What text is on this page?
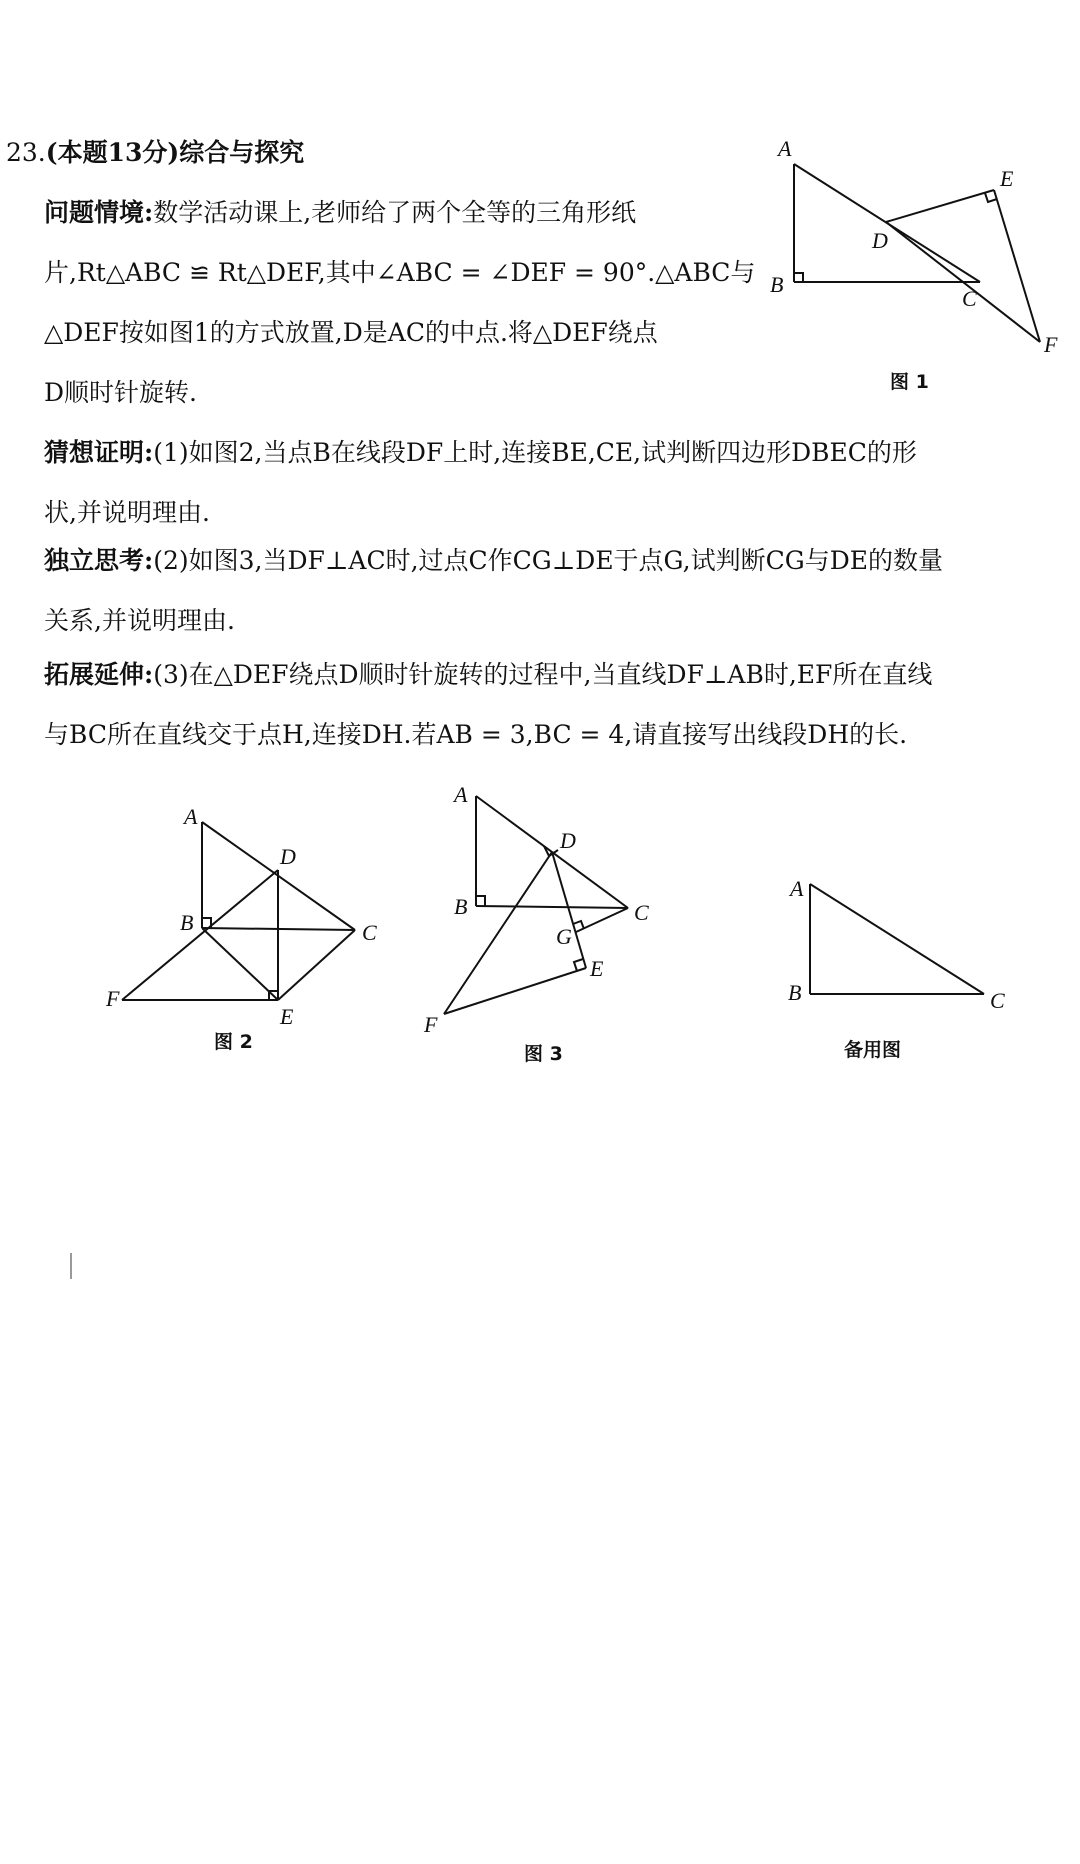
23.(本题13分)综合与探究
问题情境:数学活动课上,老师给了两个全等的三角形纸
片,Rt△ABC ≌ Rt△DEF,其中∠ABC = ∠DEF = 90°.△ABC与
△DEF按如图1的方式放置,D是AC的中点.将△DEF绕点
D顺时针旋转.
猜想证明:(1)如图2,当点B在线段DF上时,连接BE,CE,试判断四边形DBEC的形
状,并说明理由.
独立思考:(2)如图3,当DF⊥AC时,过点C作CG⊥DE于点G,试判断CG与DE的数量
关系,并说明理由.
拓展延伸:(3)在△DEF绕点D顺时针旋转的过程中,当直线DF⊥AB时,EF所在直线
与BC所在直线交于点H,连接DH.若AB = 3,BC = 4,请直接写出线段DH的长.
A
B
C
D
E
F
图 1
A
B	C
D
E
F
图 2
A
B	C
D
E
F
G
图 3
A
B	C
备用图
